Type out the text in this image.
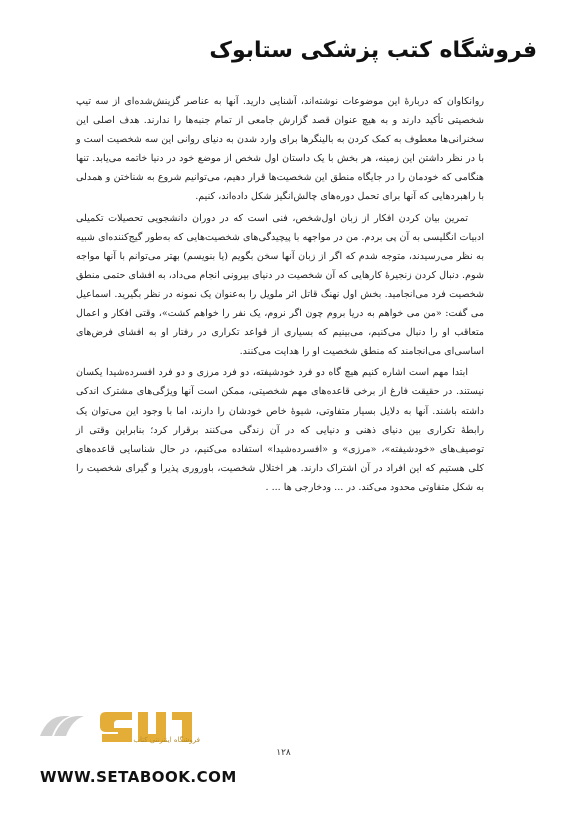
فروشگاه کتب پزشکی ستابوک

روانکاوان که دربارهٔ این موضوعات نوشته‌اند، آشنایی دارید. آنها به عناصر گزینش‌شده‌ای از سه تیپ شخصیتی تأکید دارند و به هیچ عنوان قصد گزارش جامعی از تمام جنبه‌ها را ندارند. هدف اصلی این سخنرانی‌ها معطوف به کمک کردن به بالینگرها برای وارد شدن به دنیای روانی این سه شخصیت است و با در نظر داشتن این زمینه، هر بخش با یک داستان اول شخص از موضع خود در دنیا خاتمه می‌یابد. تنها هنگامی که خودمان را در جایگاه منطق این شخصیت‌ها قرار دهیم، می‌توانیم شروع به شناختن و همدلی با راهبردهایی که آنها برای تحمل دوره‌های چالش‌انگیز شکل داده‌اند، کنیم.

تمرین بیان کردن افکار از زبان اول‌شخص، فنی است که در دوران دانشجویی تحصیلات تکمیلی ادبیات انگلیسی به آن پی بردم. من در مواجهه با پیچیدگی‌های شخصیت‌هایی که به‌طور گیج‌کننده‌ای شبیه به نظر می‌رسیدند، متوجه شدم که اگر از زبان آنها سخن بگویم (یا بنویسم) بهتر می‌توانم با آنها مواجه شوم. دنبال کردن زنجیرهٔ کارهایی که آن شخصیت در دنیای بیرونی انجام می‌داد، به افشای حتمی منطق شخصیت فرد می‌انجامید. بخش اول نهنگ قاتل اثر ملویل را به‌عنوان یک نمونه در نظر بگیرید. اسماعیل می گفت: «من می خواهم به دریا بروم چون اگر نروم، یک نفر را خواهم کشت»، وقتی افکار و اعمال متعاقب او را دنبال می‌کنیم، می‌بینیم که بسیاری از قواعد تکراری در رفتار او به افشای فرض‌های اساسی‌ای می‌انجامند که منطق شخصیت او را هدایت می‌کنند.

ابتدا مهم است اشاره کنیم هیچ گاه دو فرد خودشیفته، دو فرد مرزی و دو فرد افسرده‌شیدا یکسان نیستند. در حقیقت فارغ از برخی قاعده‌های مهم شخصیتی، ممکن است آنها ویژگی‌های مشترک اندکی داشته باشند. آنها به دلایل بسیار متفاوتی، شیوهٔ خاص خودشان را دارند، اما با وجود این می‌توان یک رابطهٔ تکراری بین دنیای ذهنی و دنیایی که در آن زندگی می‌کنند برقرار کرد؛ بنابراین وقتی از توصیف‌های «خودشیفته»، «مرزی» و «افسرده‌شیدا» استفاده می‌کنیم، در حال شناسایی قاعده‌های کلی هستیم که این افراد در آن اشتراک دارند. هر اختلال شخصیت، باوروری پذیرا و گیرای شخصیت را به شکل متفاوتی محدود می‌کند. در ... ودخارجی ها ... .

۱۲۸
فروشگاه اینترنتی کتاب
WWW.SETABOOK.COM
